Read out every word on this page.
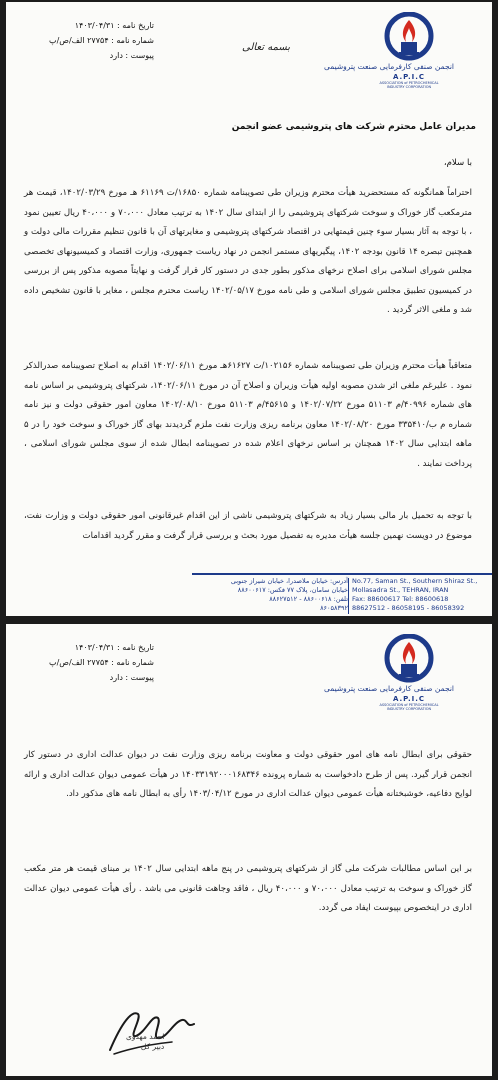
تاریخ نامه : ۱۴۰۳/۰۴/۳۱
شماره نامه : ۲۷۷۵۴ الف/ص/پ
پیوست : دارد
بسمه تعالی
انجمن صنفی کارفرمایی صنعت پتروشیمی
A.P.I.C
ASSOCIATION of PETROCHEMICAL INDUSTRY CORPORATION
مدیران عامل محترم شرکت های پتروشیمی عضو انجمن
با سلام،
احتراماً همانگونه که مستحضرید هیأت محترم وزیران طی تصویبنامه شماره ۱۶۸۵۰/ت ۶۱۱۶۹ هـ مورخ ۱۴۰۲/۰۳/۲۹، قیمت هر مترمکعب گاز خوراک و سوخت شرکتهای پتروشیمی را از ابتدای سال ۱۴۰۲ به ترتیب معادل ۷۰،۰۰۰ و ۴۰،۰۰۰ ریال تعیین نمود ، با توجه به آثار بسیار سوء چنین قیمتهایی در اقتصاد شرکتهای پتروشیمی و مغایرتهای آن با قانون تنظیم مقررات مالی دولت و همچنین تبصره ۱۴ قانون بودجه ۱۴۰۲، پیگیریهای مستمر انجمن در نهاد ریاست جمهوری، وزارت اقتصاد و کمیسیونهای تخصصی مجلس شورای اسلامی برای اصلاح نرخهای مذکور بطور جدی در دستور کار قرار گرفت و نهایتاً مصوبه مذکور پس از بررسی در کمیسیون تطبیق مجلس شورای اسلامی و طی نامه مورخ ۱۴۰۲/۰۵/۱۷ ریاست محترم مجلس ، مغایر با قانون تشخیص داده شد و ملغی الاثر گردید .
متعاقباً هیأت محترم وزیران طی تصویبنامه شماره ۱۰۲۱۵۶/ت ۶۱۶۲۷هـ مورخ ۱۴۰۲/۰۶/۱۱ اقدام به اصلاح تصویبنامه صدرالذکر نمود . علیرغم ملغی اثر شدن مصوبه اولیه هیأت وزیران و اصلاح آن در مورخ ۱۴۰۲/۰۶/۱۱، شرکتهای پتروشیمی بر اساس نامه های شماره ۴۰۹۹۶/م ۵۱۱۰۳ مورخ ۱۴۰۲/۰۷/۲۲ و ۴۵۶۱۵/م ۵۱۱۰۳ مورخ ۱۴۰۲/۰۸/۱۰ معاون امور حقوقی دولت و نیز نامه شماره م ب/۳۳۵۴۱۰ مورخ ۱۴۰۲/۰۸/۲۰ معاون برنامه ریزی وزارت نفت ملزم گردیدند بهای گاز خوراک و سوخت خود را در ۵ ماهه ابتدایی سال ۱۴۰۲ همچنان بر اساس نرخهای اعلام شده در تصویبنامه ابطال شده از سوی مجلس شورای اسلامی ، پرداخت نمایند .
با توجه به تحمیل بار مالی بسیار زیاد به شرکتهای پتروشیمی ناشی از این اقدام غیرقانونی امور حقوقی دولت و وزارت نفت، موضوع در دویست نهمین جلسه هیأت مدیره به تفصیل مورد بحث و بررسی قرار گرفت و مقرر گردید اقدامات
آدرس: خیابان ملاصدرا، خیابان شیراز جنوبی
خیابان سامان، پلاک ۷۷ فکس: ۸۸۶۰۰۶۱۷
تلفن: ۸۸۶۰۰۶۱۸ - ۸۸۶۲۷۵۱۲
۸۶۰۵۸۳۹۲
No.77, Saman St., Southern Shiraz St.,
Mollasadra St., TEHRAN, IRAN
Fax: 88600617 Tel: 88600618
88627512 - 86058195 - 86058392
تاریخ نامه : ۱۴۰۳/۰۴/۳۱
شماره نامه : ۲۷۷۵۴ الف/ص/پ
پیوست : دارد
انجمن صنفی کارفرمایی صنعت پتروشیمی
A.P.I.C
ASSOCIATION of PETROCHEMICAL INDUSTRY CORPORATION
حقوقی برای ابطال نامه های امور حقوقی دولت و معاونت برنامه ریزی وزارت نفت در دیوان عدالت اداری در دستور کار انجمن قرار گیرد. پس از طرح دادخواست به شماره پرونده ۱۴۰۳۳۱۹۲۰۰۰۱۶۸۳۴۶ در هیأت عمومی دیوان عدالت اداری و ارائه لوایح دفاعیه، خوشبختانه هیأت عمومی دیوان عدالت اداری در مورخ ۱۴۰۳/۰۴/۱۲ رأی به ابطال نامه های مذکور داد.
بر این اساس مطالبات شرکت ملی گاز از شرکتهای پتروشیمی در پنج ماهه ابتدایی سال ۱۴۰۲ بر مبنای قیمت هر متر مکعب گاز خوراک و سوخت به ترتیب معادل ۷۰،۰۰۰ و ۴۰،۰۰۰ ریال ، فاقد وجاهت قانونی می باشد . رأی هیأت عمومی دیوان عدالت اداری در اینخصوص بپیوست ایفاد می گردد.
احمد مهدوی
دبیر کل
